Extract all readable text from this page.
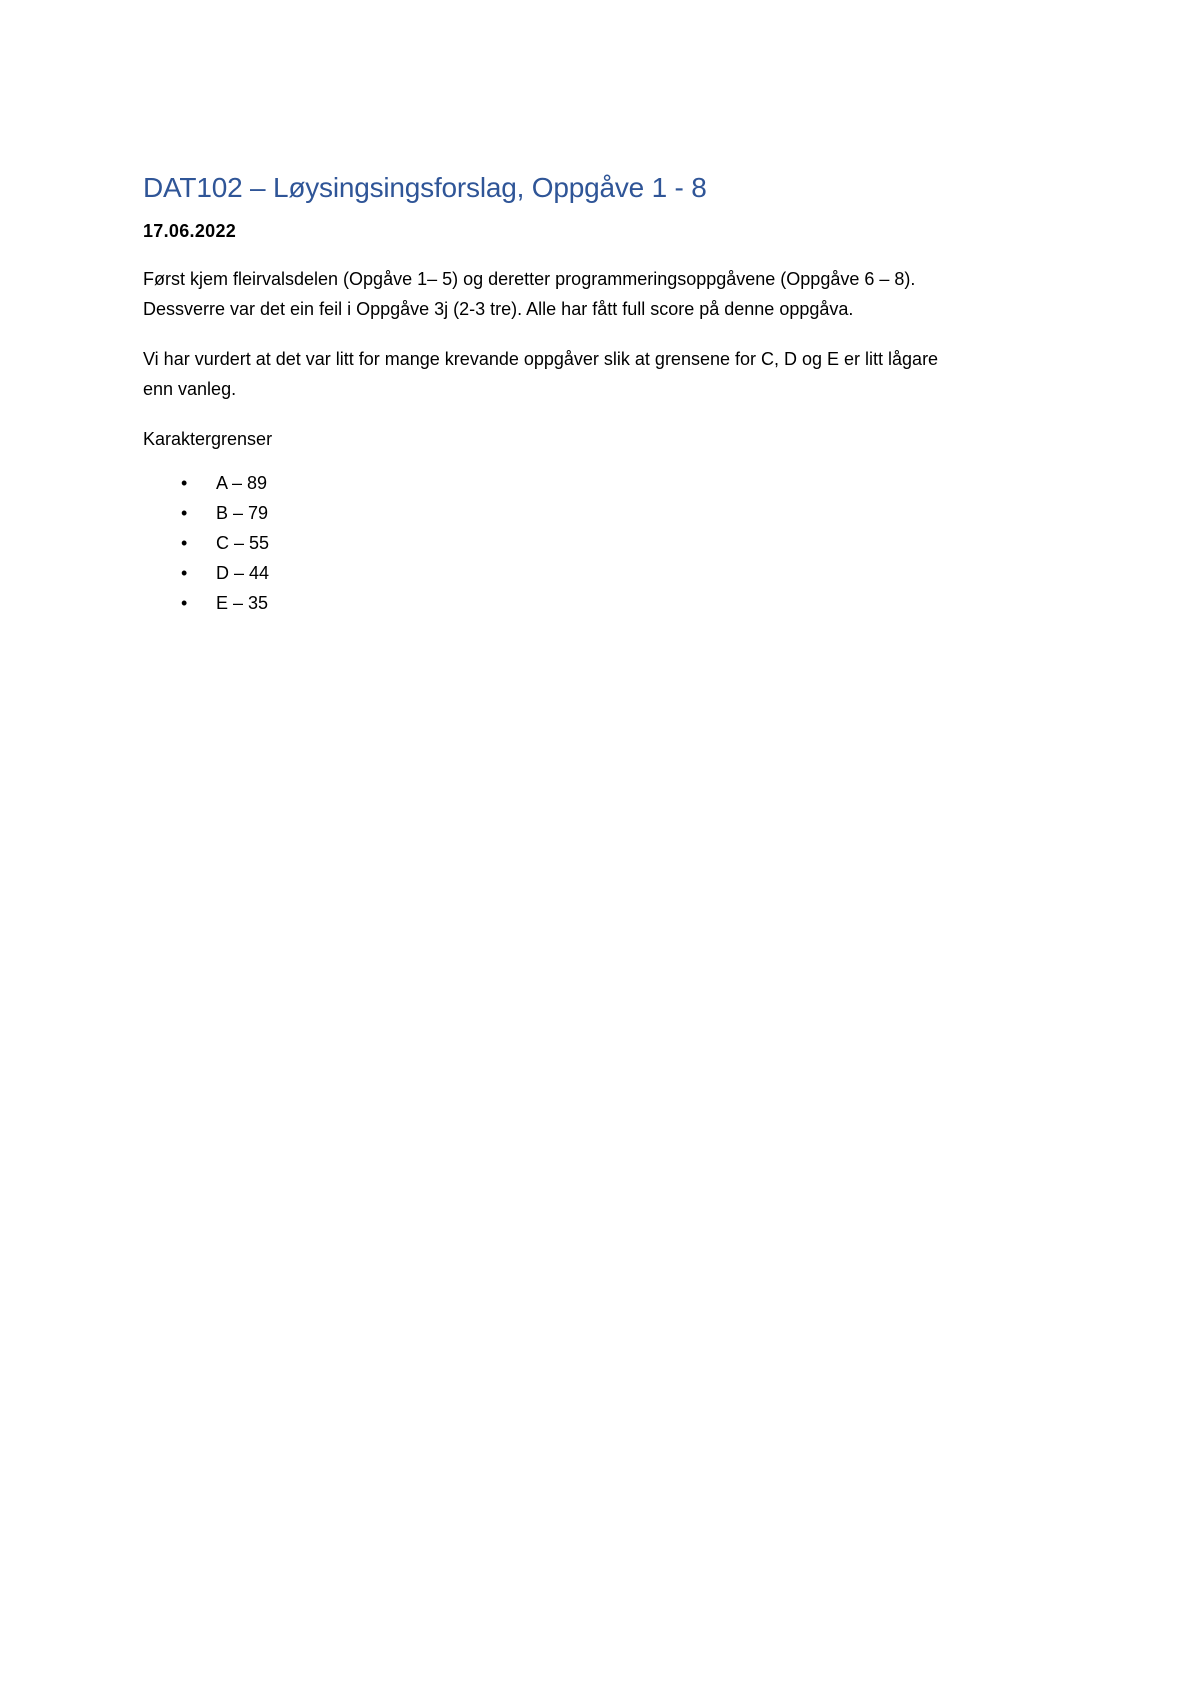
DAT102 – Løysingsingsforslag, Oppgåve 1 - 8

17.06.2022

Først kjem fleirvalsdelen (Opgåve 1– 5) og deretter programmeringsoppgåvene (Oppgåve 6 – 8).
Dessverre var det ein feil i Oppgåve 3j (2-3 tre). Alle har fått full score på denne oppgåva.

Vi har vurdert at det var litt for mange krevande oppgåver slik at grensene for C, D og E er litt lågare
enn vanleg.

Karaktergrenser

• A – 89
• B – 79
• C – 55
• D – 44
• E – 35
